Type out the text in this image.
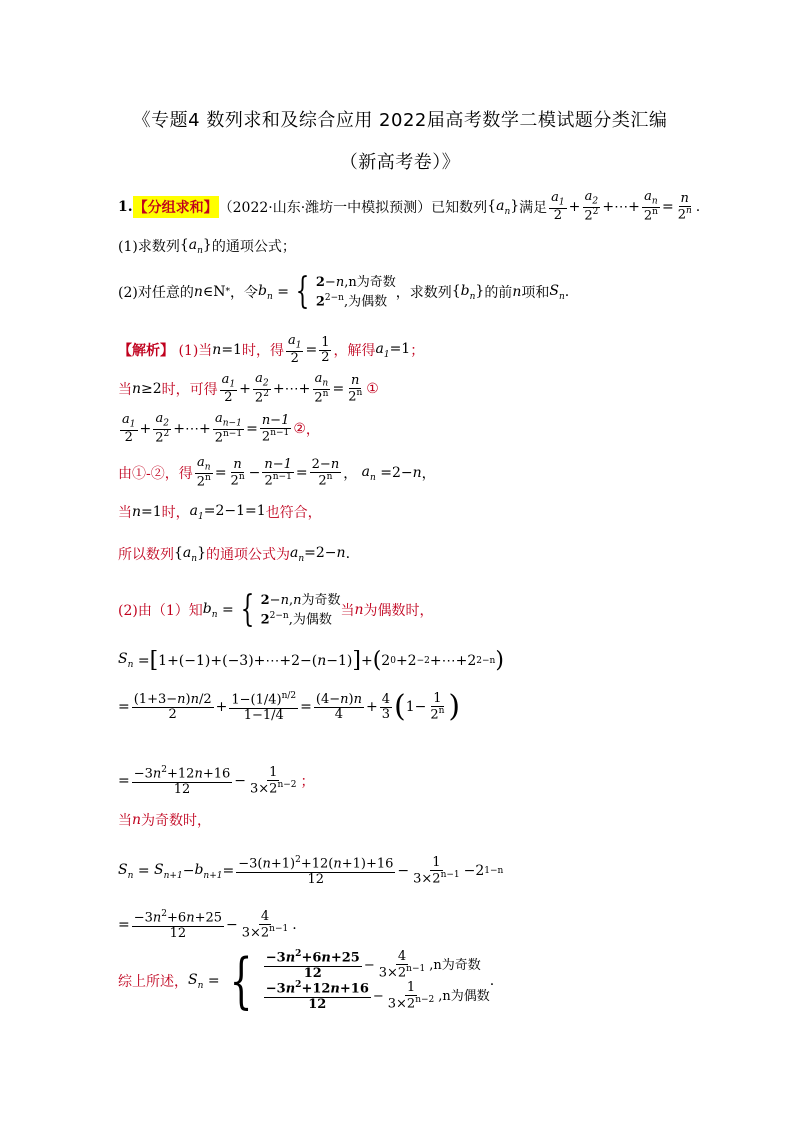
《专题4 数列求和及综合应用 2022届高考数学二模试题分类汇编
（新高考卷）》
1. 【分组求和】 （2022·山东·潍坊一中模拟预测）已知数列 $\{a_n\}$ 满足 $\frac{a_1}{2} + \frac{a_2}{2^2}$ +⋯+ $\frac{a_n}{2^n} = \frac{n}{2^n}$ .
(1)求数列 $\{a_n\}$ 的通项公式；
(2)对任意的 n ∈N * ，令 $b_n$ = { 2−n,n为奇数
$2^{2-n}$,为偶数
，求数列 $\{b_n\}$ 的前 n 项和 $S_n$ .
【解析】
(1)当 n =1 时，得 $\frac{a_1}{2} = \frac{1}{2}$ ，解得 $a_1=1$ ；
当 n≥2 时，可得 $\frac{a_1}{2} + \frac{a_2}{2^2}$ +⋯+ $\frac{a_n}{2^n} = \frac{n}{2^n}$ ①
$\frac{a_1}{2} + \frac{a_2}{2^2}$ +⋯+ $\frac{a_{n-1}}{2^{n-1}} = \frac{n-1}{2^{n-1}}$ ② ，
由①-②，得 $\frac{a_n}{2^n} = \frac{n}{2^n} - \frac{n-1}{2^{n-1}} = \frac{2-n}{2^n}$ ， $a_n =2- n$ ，
当 n=1 时， $a_1=2-1=1$ 也符合，
所以数列 $\{a_n\}$ 的通项公式为 $a_n=2-n$ .
(2)由（1）知 $b_n$ = { 2−n,n为奇数
$2^{2-n}$,为偶数
当 n 为偶数时，
$S_n$ = [ 1+(−1)+(−3)+⋯+2−( n −1) ] + ( 2 0 +2 −2 +⋯+2 2−n )
= $\frac{(1+3-n)n/2}{2} + \frac{1-(1/4)^{n/2}}{1-1/4} = \frac{(4-n)n}{4} + \frac{4}{3}$ ( $1- \frac{1}{2^n}$ )
= $\frac{-3n^2+12n+16}{12} - \frac{1}{3\times 2^{n-2}}$ ；
当 n 为奇数时，
$S_n = S_{n+1} - b_{n+1} = \frac{-3(n+1)^2+12(n+1)+16}{12} - \frac{1}{3\times 2^{n-1}} -2$ 1−n
= $\frac{-3n^2+6n+25}{12} - \frac{4}{3\times 2^{n-1}}$ .
综上所述， $S_n$ = { $\frac{-3n^2+6n+25}{12} - \frac{4}{3\times 2^{n-1}} ,n$为奇数
$\frac{-3n^2+12n+16}{12} - \frac{1}{3\times 2^{n-2}} ,n$为偶数
.
